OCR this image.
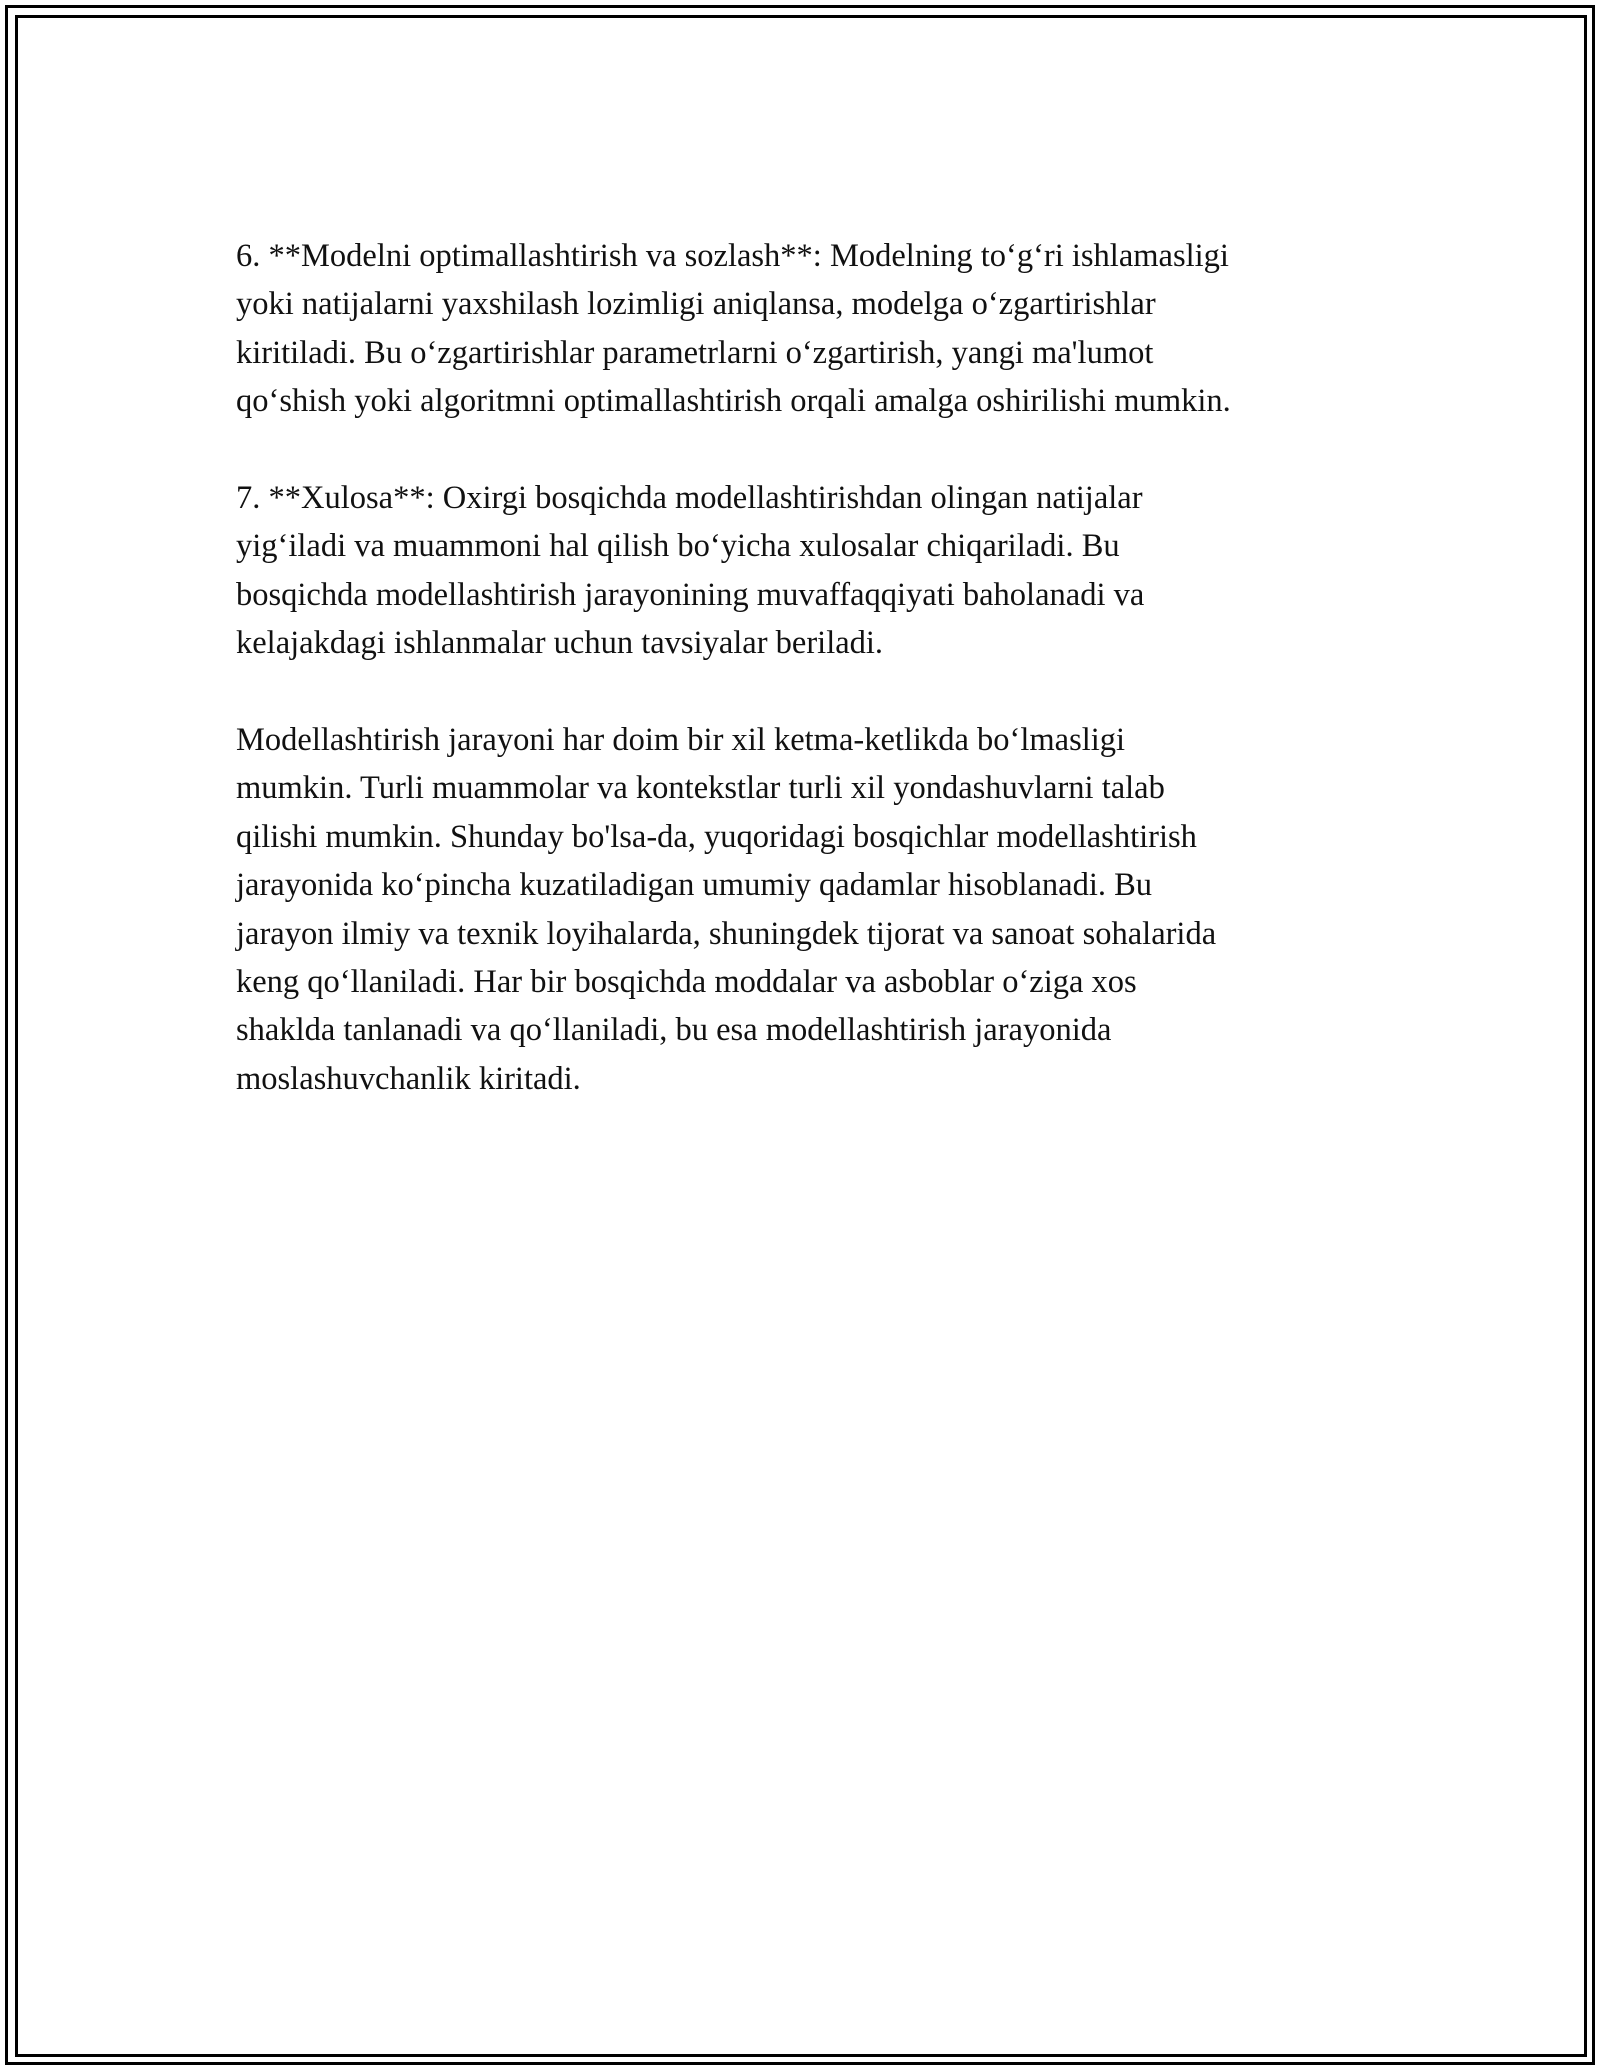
6. **Modelni optimallashtirish va sozlash**: Modelning to‘g‘ri ishlamasligi
yoki natijalarni yaxshilash lozimligi aniqlansa, modelga o‘zgartirishlar
kiritiladi. Bu o‘zgartirishlar parametrlarni o‘zgartirish, yangi ma'lumot
qo‘shish yoki algoritmni optimallashtirish orqali amalga oshirilishi mumkin.

7. **Xulosa**: Oxirgi bosqichda modellashtirishdan olingan natijalar
yig‘iladi va muammoni hal qilish bo‘yicha xulosalar chiqariladi. Bu
bosqichda modellashtirish jarayonining muvaffaqqiyati baholanadi va
kelajakdagi ishlanmalar uchun tavsiyalar beriladi.

Modellashtirish jarayoni har doim bir xil ketma-ketlikda bo‘lmasligi
mumkin. Turli muammolar va kontekstlar turli xil yondashuvlarni talab
qilishi mumkin. Shunday bo'lsa-da, yuqoridagi bosqichlar modellashtirish
jarayonida ko‘pincha kuzatiladigan umumiy qadamlar hisoblanadi. Bu
jarayon ilmiy va texnik loyihalarda, shuningdek tijorat va sanoat sohalarida
keng qo‘llaniladi. Har bir bosqichda moddalar va asboblar o‘ziga xos
shaklda tanlanadi va qo‘llaniladi, bu esa modellashtirish jarayonida
moslashuvchanlik kiritadi.
